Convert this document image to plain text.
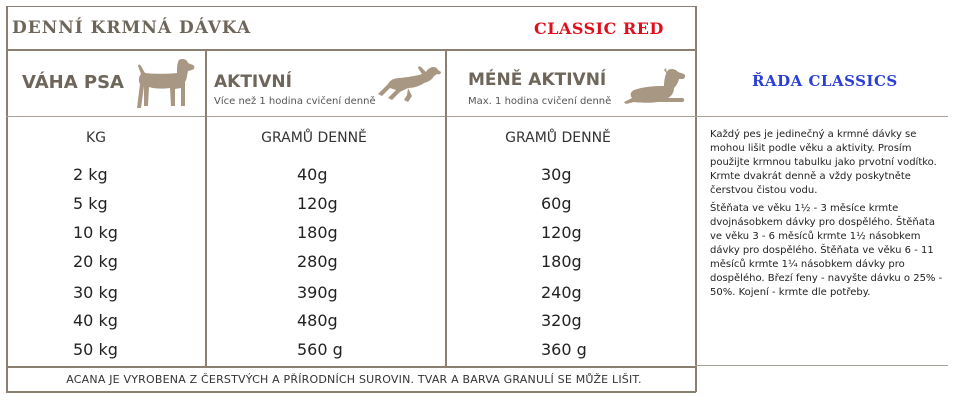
DENNÍ KRMNÁ DÁVKA	CLASSIC RED
VÁHA PSA	AKTIVNÍ
Více než 1 hodina cvičení denně
MÉNĚ AKTIVNÍ
Max. 1 hodina cvičení denně
KG	GRAMŮ DENNĚ	GRAMŮ DENNĚ
2 kg	40g	30g
5 kg	120g	60g
10 kg	180g	120g
20 kg	280g	180g
30 kg	390g	240g
40 kg	480g	320g
50 kg	560 g	360 g
ŘADA CLASSICS

Každý pes je jedinečný a krmné dávky se mohou lišit podle věku a aktivity. Prosím použijte krmnou tabulku jako prvotní vodítko. Krmte dvakrát denně a vždy poskytněte čerstvou čistou vodu.

Štěňata ve věku 1½ - 3 měsíce krmte dvojnásobkem dávky pro dospělého. Štěňata ve věku 3 - 6 měsíců krmte 1½ násobkem dávky pro dospělého. Štěňata ve věku 6 - 11 měsíců krmte 1¼ násobkem dávky pro dospělého. Březí feny - navyšte dávku o 25% - 50%. Kojení - krmte dle potřeby.

ACANA JE VYROBENA Z ČERSTVÝCH A PŘÍRODNÍCH SUROVIN. TVAR A BARVA GRANULÍ SE MŮŽE LIŠIT.
